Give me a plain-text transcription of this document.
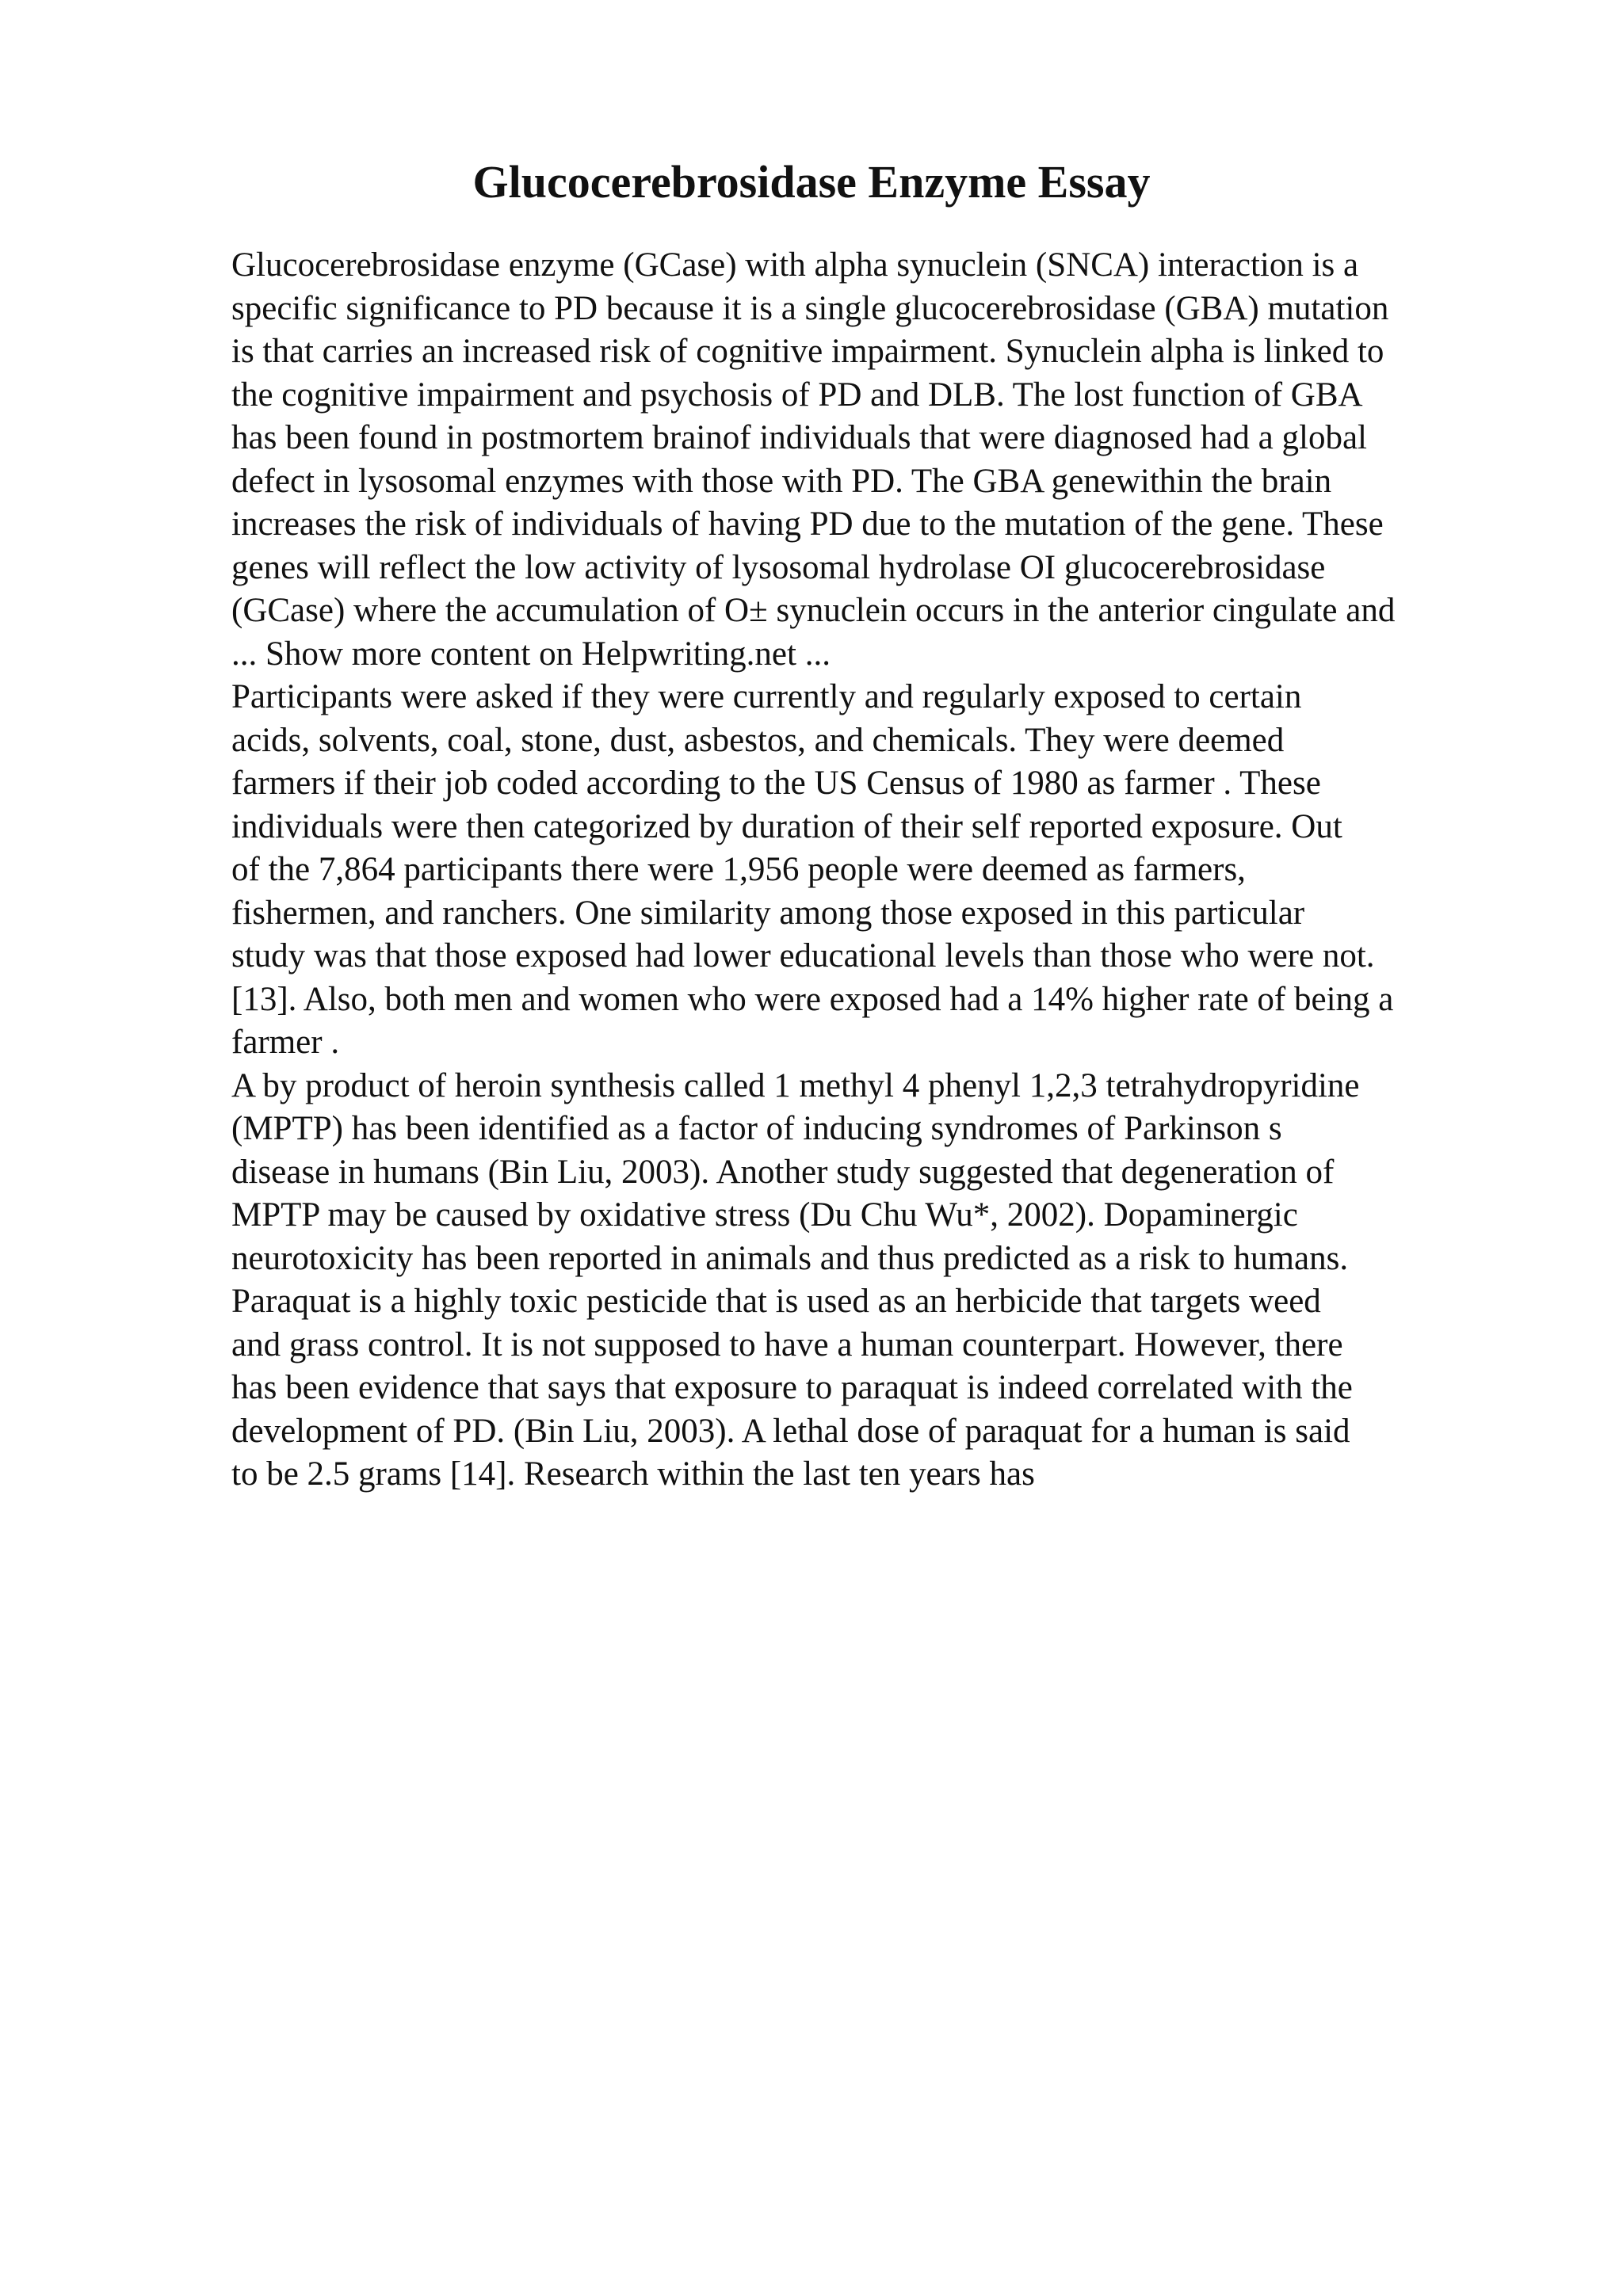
Glucocerebrosidase Enzyme Essay
Glucocerebrosidase enzyme (GCase) with alpha synuclein (SNCA) interaction is a
specific significance to PD because it is a single glucocerebrosidase (GBA) mutation
is that carries an increased risk of cognitive impairment. Synuclein alpha is linked to
the cognitive impairment and psychosis of PD and DLB. The lost function of GBA
has been found in postmortem brainof individuals that were diagnosed had a global
defect in lysosomal enzymes with those with PD. The GBA genewithin the brain
increases the risk of individuals of having PD due to the mutation of the gene. These
genes will reflect the low activity of lysosomal hydrolase OI glucocerebrosidase
(GCase) where the accumulation of O± synuclein occurs in the anterior cingulate and
... Show more content on Helpwriting.net ...
Participants were asked if they were currently and regularly exposed to certain
acids, solvents, coal, stone, dust, asbestos, and chemicals. They were deemed
farmers if their job coded according to the US Census of 1980 as farmer . These
individuals were then categorized by duration of their self reported exposure. Out
of the 7,864 participants there were 1,956 people were deemed as farmers,
fishermen, and ranchers. One similarity among those exposed in this particular
study was that those exposed had lower educational levels than those who were not.
[13]. Also, both men and women who were exposed had a 14% higher rate of being a
farmer .
A by product of heroin synthesis called 1 methyl 4 phenyl 1,2,3 tetrahydropyridine
(MPTP) has been identified as a factor of inducing syndromes of Parkinson s
disease in humans (Bin Liu, 2003). Another study suggested that degeneration of
MPTP may be caused by oxidative stress (Du Chu Wu*, 2002). Dopaminergic
neurotoxicity has been reported in animals and thus predicted as a risk to humans.
Paraquat is a highly toxic pesticide that is used as an herbicide that targets weed
and grass control. It is not supposed to have a human counterpart. However, there
has been evidence that says that exposure to paraquat is indeed correlated with the
development of PD. (Bin Liu, 2003). A lethal dose of paraquat for a human is said
to be 2.5 grams [14]. Research within the last ten years has
